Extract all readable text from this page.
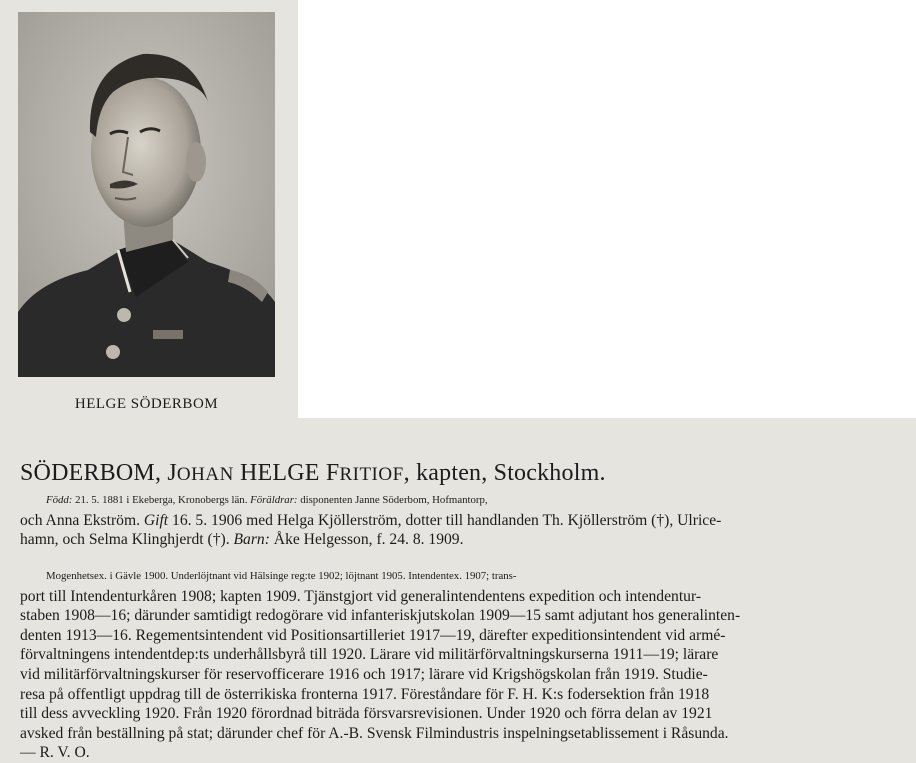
HELGE SÖDERBOM
SÖDERBOM, JOHAN HELGE FRITIOF, kapten, Stockholm.
Född: 21. 5. 1881 i Ekeberga, Kronobergs län. Föräldrar: disponenten Janne Söderbom, Hofmantorp,
och Anna Ekström. Gift 16. 5. 1906 med Helga Kjöllerström, dotter till handlanden Th. Kjöllerström (†), Ulrice-
hamn, och Selma Klinghjerdt (†). Barn: Åke Helgesson, f. 24. 8. 1909.
Mogenhetsex. i Gävle 1900. Underlöjtnant vid Hälsinge reg:te 1902; löjtnant 1905. Intendentex. 1907; trans-
port till Intendenturkåren 1908; kapten 1909. Tjänstgjort vid generalintendentens expedition och intendentur-
staben 1908—16; därunder samtidigt redogörare vid infanteriskjutskolan 1909—15 samt adjutant hos generalinten-
denten 1913—16. Regementsintendent vid Positionsartilleriet 1917—19, därefter expeditionsintendent vid armé-
förvaltningens intendentdep:ts underhållsbyrå till 1920. Lärare vid militärförvaltningskurserna 1911—19; lärare
vid militärförvaltningskurser för reservofficerare 1916 och 1917; lärare vid Krigshögskolan från 1919. Studie-
resa på offentligt uppdrag till de österrikiska fronterna 1917. Föreståndare för F. H. K:s fodersektion från 1918
till dess avveckling 1920. Från 1920 förordnad biträda försvarsrevisionen. Under 1920 och förra delan av 1921
avsked från beställning på stat; därunder chef för A.-B. Svensk Filmindustris inspelningsetablissement i Råsunda.
— R. V. O.
